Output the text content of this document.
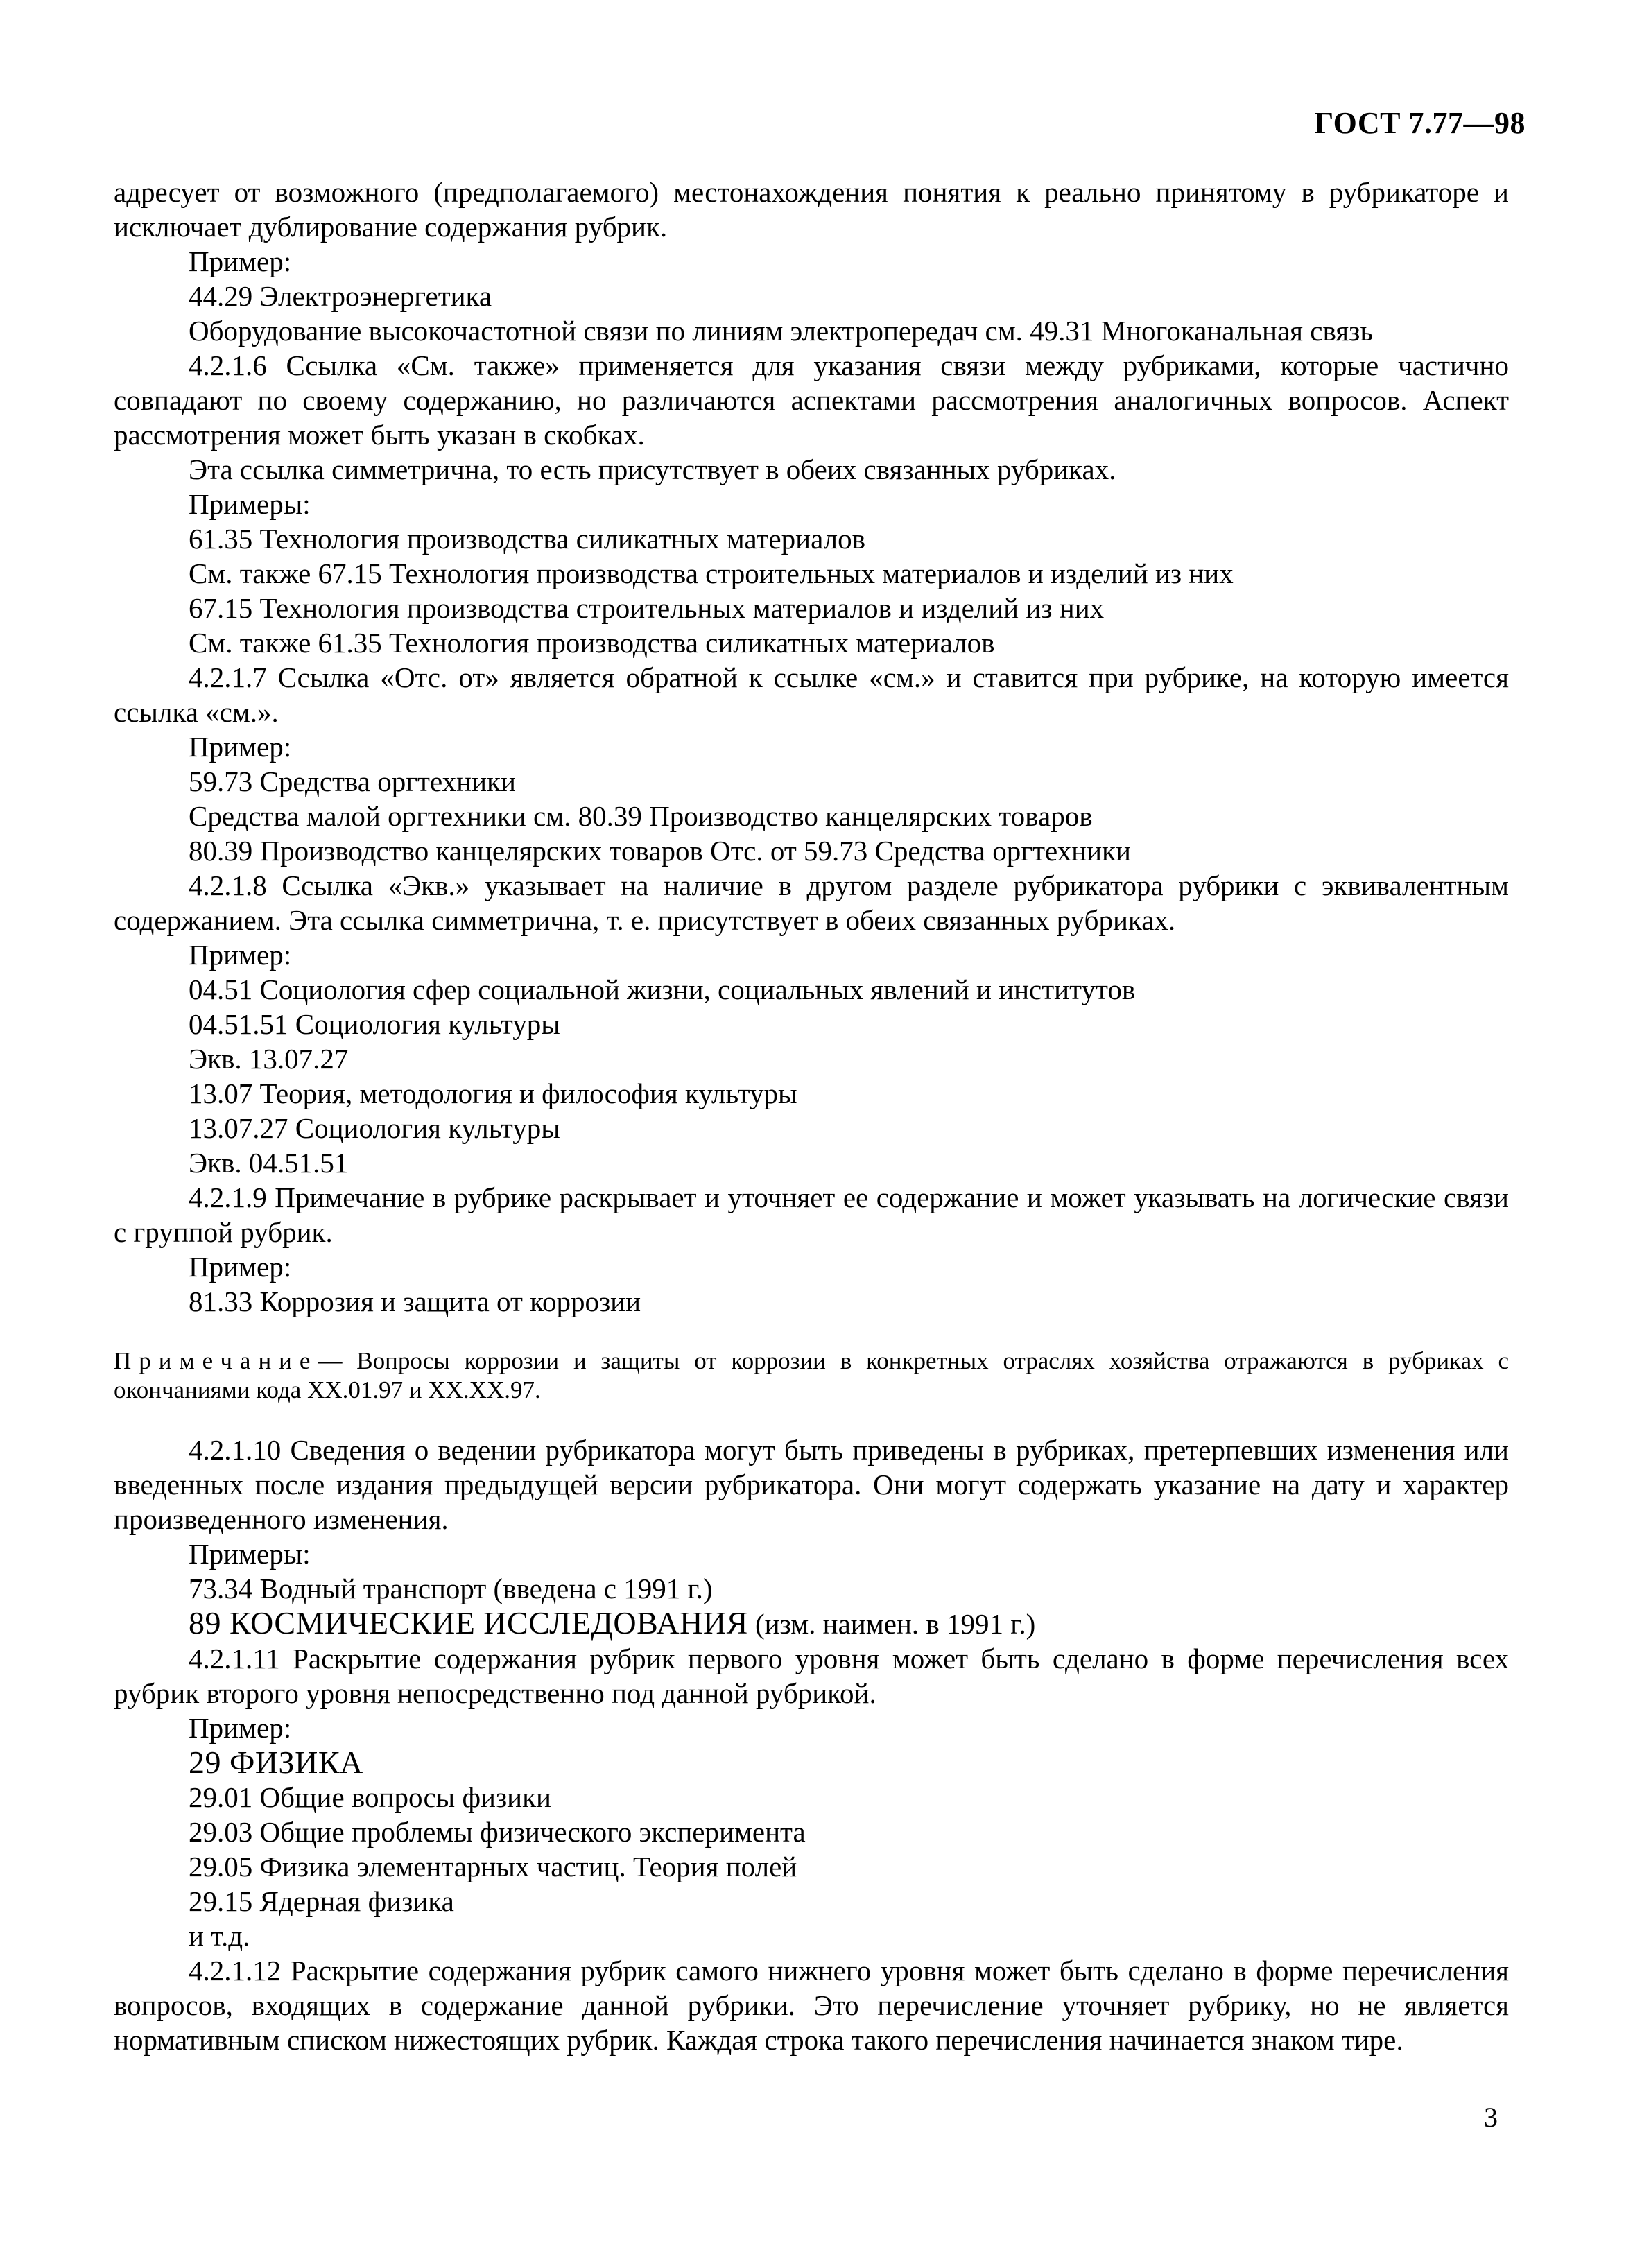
ГОСТ 7.77—98
адресует от возможного (предполагаемого) местонахождения понятия к реально принятому в рубрикаторе и исключает дублирование содержания рубрик.
Пример:
44.29 Электроэнергетика
Оборудование высокочастотной связи по линиям электропередач см. 49.31 Многоканальная связь
4.2.1.6 Ссылка «См. также» применяется для указания связи между рубриками, которые частично совпадают по своему содержанию, но различаются аспектами рассмотрения аналогичных вопросов. Аспект рассмотрения может быть указан в скобках.
Эта ссылка симметрична, то есть присутствует в обеих связанных рубриках.
Примеры:
61.35 Технология производства силикатных материалов
См. также 67.15 Технология производства строительных материалов и изделий из них
67.15 Технология производства строительных материалов и изделий из них
См. также 61.35 Технология производства силикатных материалов
4.2.1.7 Ссылка «Отс. от» является обратной к ссылке «см.» и ставится при рубрике, на которую имеется ссылка «см.».
Пример:
59.73 Средства оргтехники
Средства малой оргтехники см. 80.39 Производство канцелярских товаров
80.39 Производство канцелярских товаров Отс. от 59.73 Средства оргтехники
4.2.1.8 Ссылка «Экв.» указывает на наличие в другом разделе рубрикатора рубрики с эквивалентным содержанием. Эта ссылка симметрична, т. е. присутствует в обеих связанных рубриках.
Пример:
04.51 Социология сфер социальной жизни, социальных явлений и институтов
04.51.51 Социология культуры
Экв. 13.07.27
13.07 Теория, методология и философия культуры
13.07.27 Социология культуры
Экв. 04.51.51
4.2.1.9 Примечание в рубрике раскрывает и уточняет ее содержание и может указывать на логические связи с группой рубрик.
Пример:
81.33 Коррозия и защита от коррозии
Примечание— Вопросы коррозии и защиты от коррозии в конкретных отраслях хозяйства отражаются в рубриках с окончаниями кода XX.01.97 и XX.XX.97.
4.2.1.10 Сведения о ведении рубрикатора могут быть приведены в рубриках, претерпевших изменения или введенных после издания предыдущей версии рубрикатора. Они могут содержать указание на дату и характер произведенного изменения.
Примеры:
73.34 Водный транспорт (введена с 1991 г.)
89 КОСМИЧЕСКИЕ ИССЛЕДОВАНИЯ (изм. наимен. в 1991 г.)
4.2.1.11 Раскрытие содержания рубрик первого уровня может быть сделано в форме перечисления всех рубрик второго уровня непосредственно под данной рубрикой.
Пример:
29 ФИЗИКА
29.01 Общие вопросы физики
29.03 Общие проблемы физического эксперимента
29.05 Физика элементарных частиц. Теория полей
29.15 Ядерная физика
и т.д.
4.2.1.12 Раскрытие содержания рубрик самого нижнего уровня может быть сделано в форме перечисления вопросов, входящих в содержание данной рубрики. Это перечисление уточняет рубрику, но не является нормативным списком нижестоящих рубрик. Каждая строка такого перечисления начинается знаком тире.
3
